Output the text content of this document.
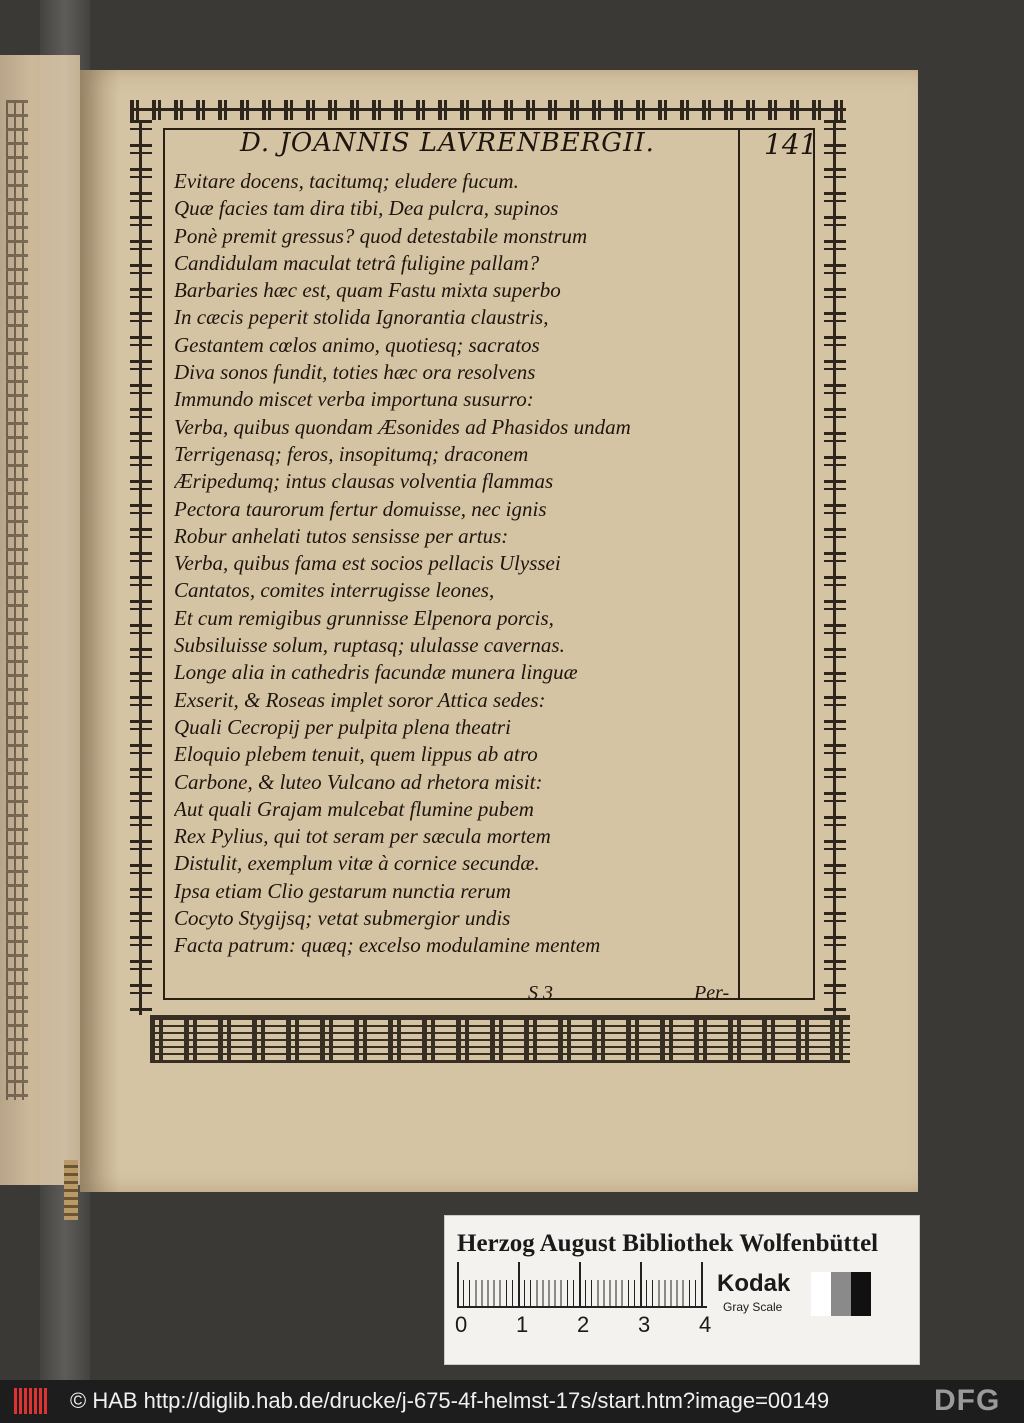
D. JOANNIS LAVRENBERGII.	141
Evitare docens, tacitumq; eludere fucum.
Quæ facies tam dira tibi, Dea pulcra, supinos
Ponè premit gressus? quod detestabile monstrum
Candidulam maculat tetrâ fuligine pallam?
Barbaries hæc est, quam Fastu mixta superbo
In cæcis peperit stolida Ignorantia claustris,
Gestantem cœlos animo, quotiesq; sacratos
Diva sonos fundit, toties hæc ora resolvens
Immundo miscet verba importuna susurro:
Verba, quibus quondam Æsonides ad Phasidos undam
Terrigenasq; feros, insopitumq; draconem
Æripedumq; intus clausas volventia flammas
Pectora taurorum fertur domuisse, nec ignis
Robur anhelati tutos sensisse per artus:
Verba, quibus fama est socios pellacis Ulyssei
Cantatos, comites interrugisse leones,
Et cum remigibus grunnisse Elpenora porcis,
Subsiluisse solum, ruptasq; ululasse cavernas.
Longe alia in cathedris facundæ munera linguæ
Exserit, & Roseas implet soror Attica sedes:
Quali Cecropij per pulpita plena theatri
Eloquio plebem tenuit, quem lippus ab atro
Carbone, & luteo Vulcano ad rhetora misit:
Aut quali Grajam mulcebat flumine pubem
Rex Pylius, qui tot seram per sæcula mortem
Distulit, exemplum vitæ à cornice secundæ.
Ipsa etiam Clio gestarum nunctia rerum
Cocyto Stygijsq; vetat submergior undis
Facta patrum: quæq; excelso modulamine mentem
S 3	Per-
Herzog August Bibliothek Wolfenbüttel
0 1 2 3 4
Kodak
Gray Scale
© HAB http://diglib.hab.de/drucke/j-675-4f-helmst-17s/start.htm?image=00149	DFG
